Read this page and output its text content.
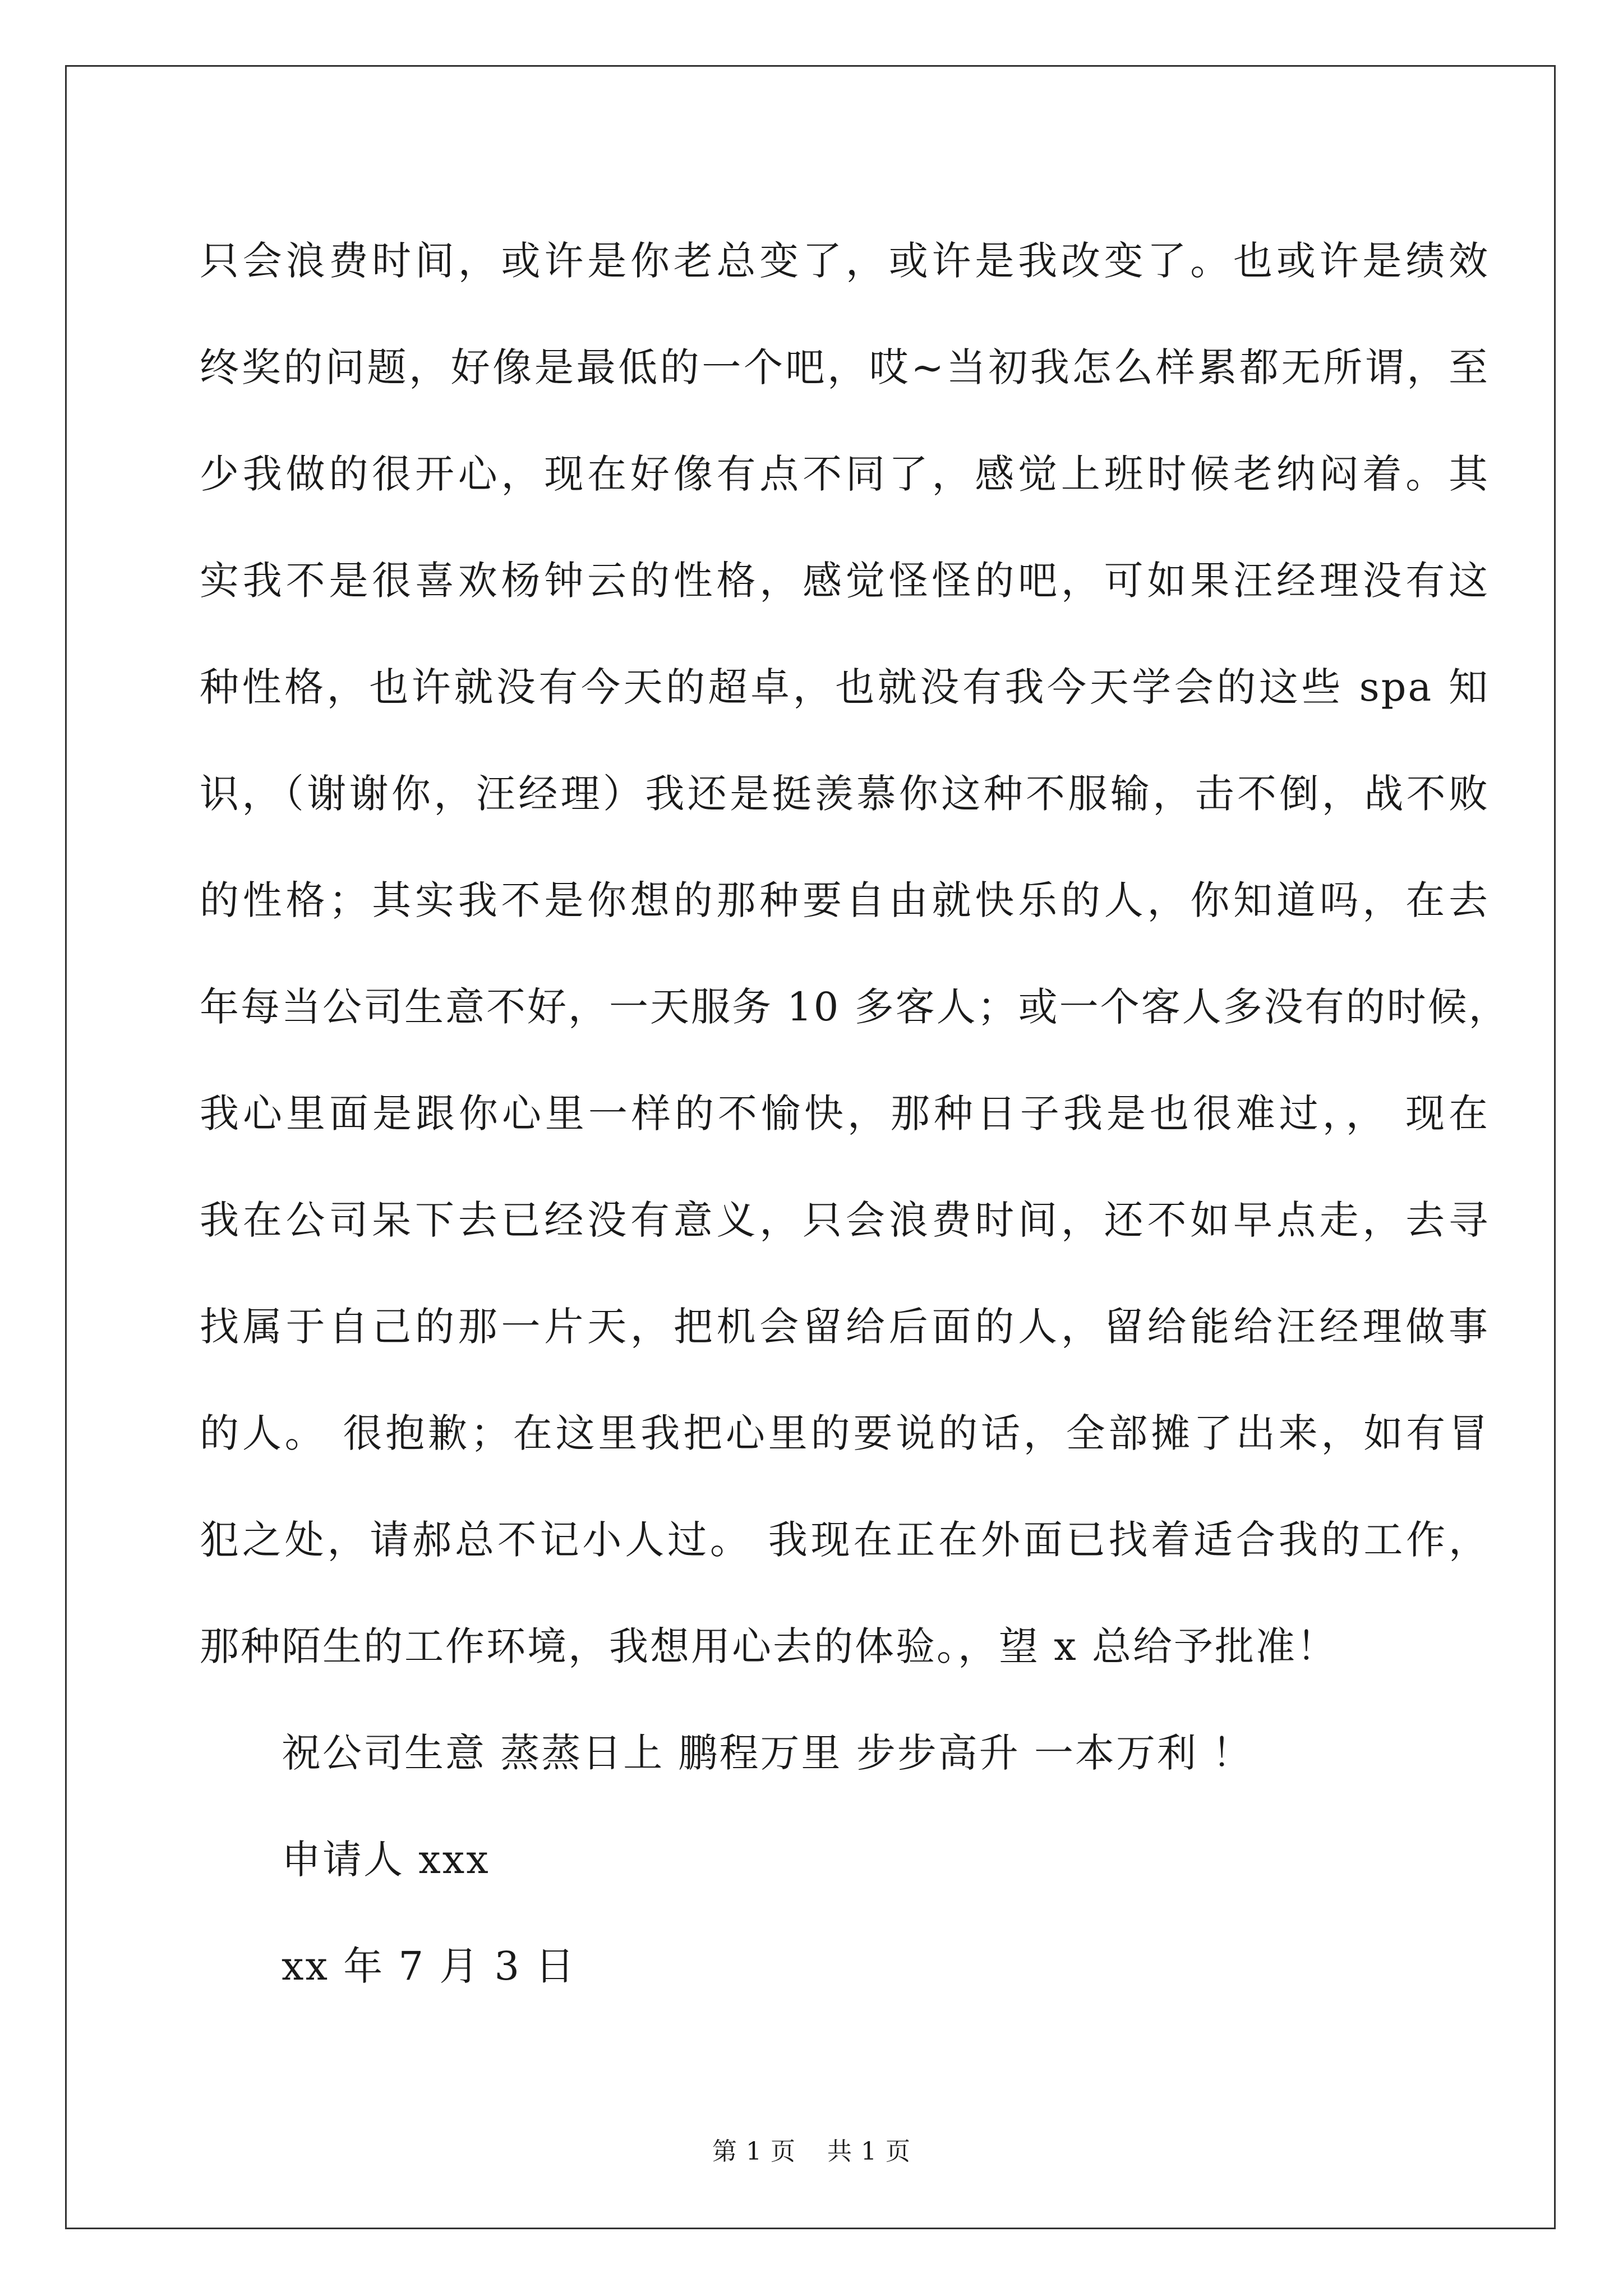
只会浪费时间，或许是你老总变了，或许是我改变了。也或许是绩效
终奖的问题，好像是最低的一个吧，哎~当初我怎么样累都无所谓，至
少我做的很开心，现在好像有点不同了，感觉上班时候老纳闷着。其
实我不是很喜欢杨钟云的性格，感觉怪怪的吧，可如果汪经理没有这
种性格，也许就没有今天的超卓，也就没有我今天学会的这些 spa 知
识，（谢谢你，汪经理）我还是挺羡慕你这种不服输，击不倒，战不败
的性格；其实我不是你想的那种要自由就快乐的人，你知道吗，在去
年每当公司生意不好，一天服务 10 多客人；或一个客人多没有的时候，
我心里面是跟你心里一样的不愉快，那种日子我是也很难过，， 现在
我在公司呆下去已经没有意义，只会浪费时间，还不如早点走，去寻
找属于自己的那一片天，把机会留给后面的人，留给能给汪经理做事
的人。 很抱歉；在这里我把心里的要说的话，全部摊了出来，如有冒
犯之处，请郝总不记小人过。 我现在正在外面已找着适合我的工作，
那种陌生的工作环境，我想用心去的体验。，望 x 总给予批准！
祝公司生意 蒸蒸日上 鹏程万里 步步高升 一本万利 ！
申请人 xxx
xx 年 7 月 3 日
第 1 页 共 1 页
